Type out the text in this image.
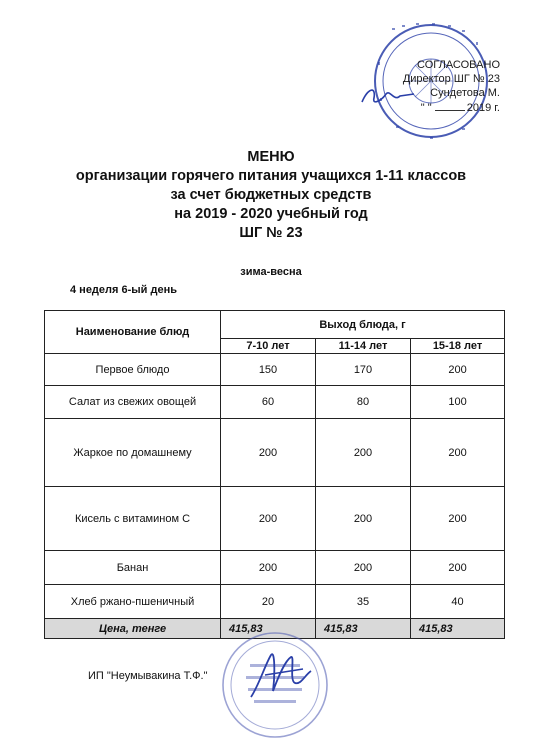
СОГЛАСОВАНО
Директор ШГ № 23
Сундетова М.
" "	2019 г.
МЕНЮ
организации горячего питания учащихся 1-11 классов
за счет бюджетных средств
на 2019 - 2020 учебный год
ШГ № 23
зима-весна
4 неделя 6-ый день
Наименование блюд	Выход блюда, г		
	7-10 лет	11-14 лет	15-18 лет
Первое блюдо	150	170	200
Салат из свежих овощей	60	80	100
Жаркое по домашнему	200	200	200
Кисель с витамином С	200	200	200
Банан	200	200	200
Хлеб ржано-пшеничный	20	35	40
Цена, тенге	415,83	415,83	415,83
ИП "Неумывакина Т.Ф."
